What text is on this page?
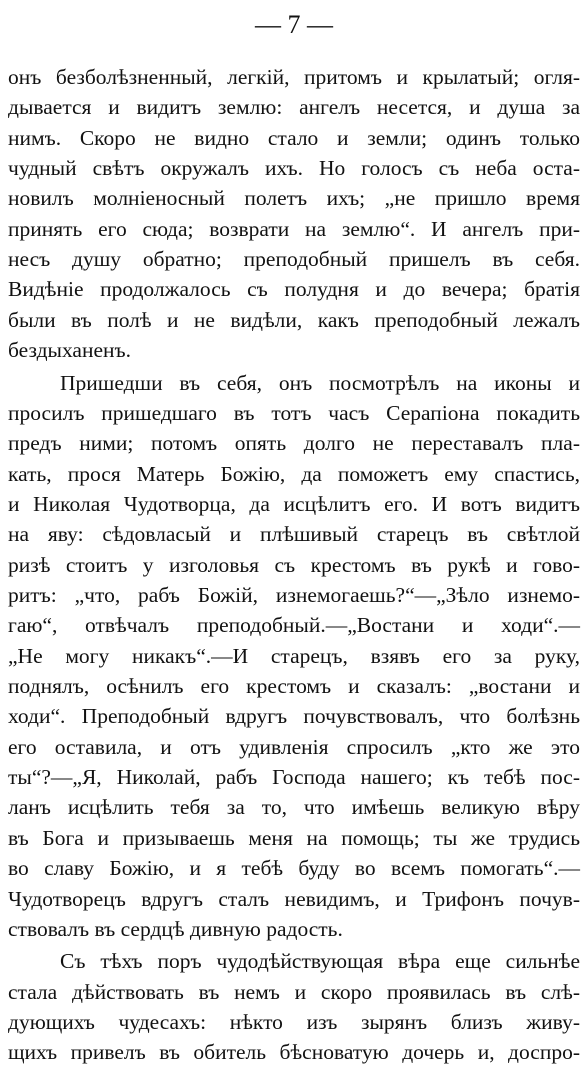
— 7 —
онъ безболѣзненный, легкій, притомъ и крылатый; огля-
дывается и видитъ землю: ангелъ несется, и душа за
нимъ. Скоро не видно стало и земли; одинъ только
чудный свѣтъ окружалъ ихъ. Но голосъ съ неба оста-
новилъ молніеносный полетъ ихъ; „не пришло время
принять его сюда; возврати на землю“. И ангелъ при-
несъ душу обратно; преподобный пришелъ въ себя.
Видѣніе продолжалось съ полудня и до вечера; братія
были въ полѣ и не видѣли, какъ преподобный лежалъ
бездыханенъ.
Пришедши въ себя, онъ посмотрѣлъ на иконы и
просилъ пришедшаго въ тотъ часъ Серапіона покадить
предъ ними; потомъ опять долго не переставалъ пла-
кать, прося Матерь Божію, да поможетъ ему спастись,
и Николая Чудотворца, да исцѣлитъ его. И вотъ видитъ
на яву: сѣдовласый и плѣшивый старецъ въ свѣтлой
ризѣ стоитъ у изголовья съ крестомъ въ рукѣ и гово-
ритъ: „что, рабъ Божій, изнемогаешь?“—„Зѣло изнемо-
гаю“, отвѣчалъ преподобный.—„Востани и ходи“.—
„Не могу никакъ“.—И старецъ, взявъ его за руку,
поднялъ, осѣнилъ его крестомъ и сказалъ: „востани и
ходи“. Преподобный вдругъ почувствовалъ, что болѣзнь
его оставила, и отъ удивленія спросилъ „кто же это
ты“?—„Я, Николай, рабъ Господа нашего; къ тебѣ пос-
ланъ исцѣлить тебя за то, что имѣешь великую вѣру
въ Бога и призываешь меня на помощь; ты же трудись
во славу Божію, и я тебѣ буду во всемъ помогать“.—
Чудотворецъ вдругъ сталъ невидимъ, и Трифонъ почув-
ствовалъ въ сердцѣ дивную радость.
Съ тѣхъ поръ чудодѣйствующая вѣра еще сильнѣе
стала дѣйствовать въ немъ и скоро проявилась въ слѣ-
дующихъ чудесахъ: нѣкто изъ зырянъ близъ живу-
щихъ привелъ въ обитель бѣсноватую дочерь и, доспро-
